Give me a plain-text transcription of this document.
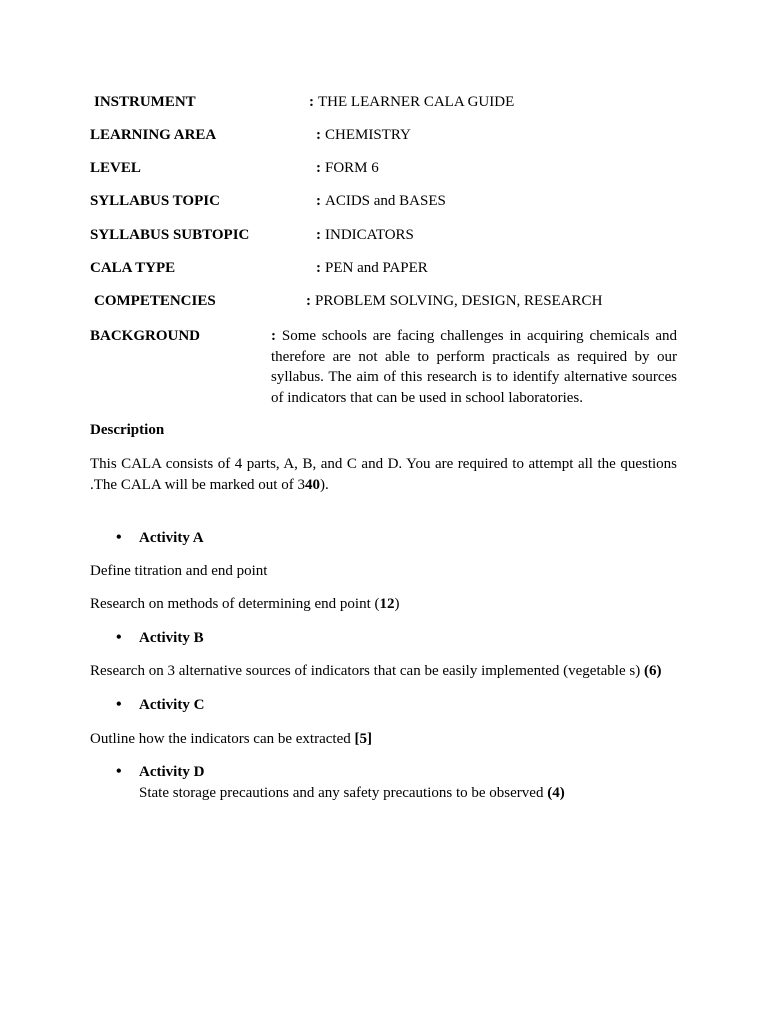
INSTRUMENT	: THE LEARNER CALA GUIDE
LEARNING AREA	: CHEMISTRY
LEVEL	: FORM 6
SYLLABUS TOPIC	: ACIDS and BASES
SYLLABUS SUBTOPIC	: INDICATORS
CALA TYPE	: PEN and PAPER
COMPETENCIES	: PROBLEM SOLVING, DESIGN, RESEARCH
BACKGROUND	: Some schools are facing challenges in acquiring chemicals and therefore are not able to perform practicals as required by our syllabus. The aim of this research is to identify alternative sources of indicators that can be used in school laboratories.
Description
This CALA consists of 4 parts, A, B, and C and D. You are required to attempt all the questions .The CALA will be marked out of 340).
• Activity A
Define titration and end point
Research on methods of determining end point (12)
• Activity B
Research on 3 alternative sources of indicators that can be easily implemented (vegetable s) (6)
• Activity C
Outline how the indicators can be extracted [5]
• Activity D
State storage precautions and any safety precautions to be observed (4)
